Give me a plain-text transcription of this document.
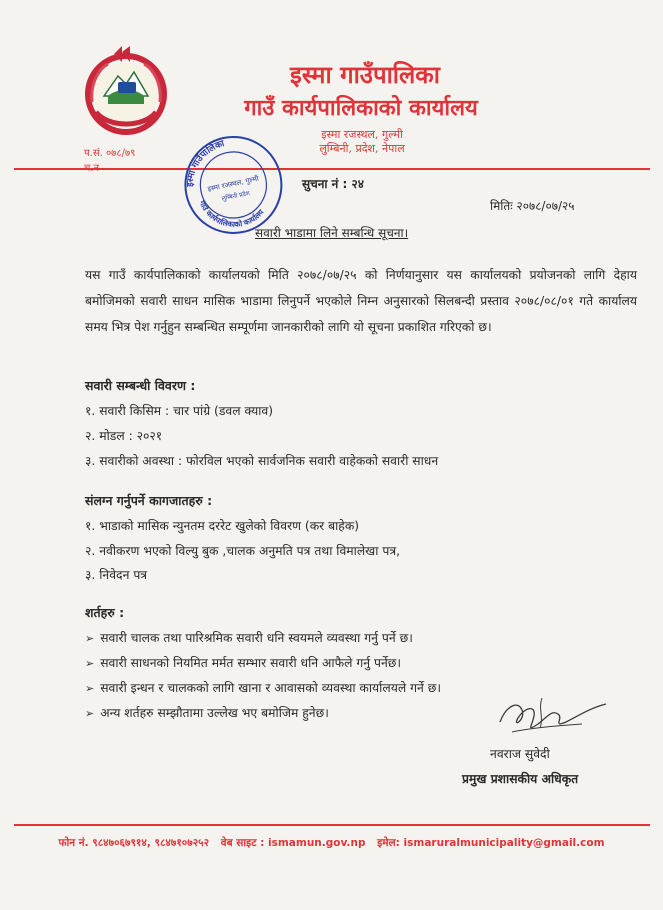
इस्मा गाउँपालिका
गाउँ कार्यपालिकाको कार्यालय
इस्मा रजस्थल, गुल्मी
लुम्बिनी, प्रदेश, नेपाल
प.सं. ०७८/७९
इस्मा गाउँपालिका
गाउँ कार्यपालिकाको कार्यालय
इस्मा रजस्थल, गुल्मी
लुम्बिनी प्रदेश
सुचना नं : २४
मितिः २०७८/०७/२५
सवारी भाडामा लिने सम्बन्धि सूचना।
यस गाउँ कार्यपालिकाको कार्यालयको मिति २०७८/०७/२५ को निर्णयानुसार यस कार्यालयको प्रयोजनको लागि देहाय बमोजिमको सवारी साधन मासिक भाडामा लिनुपर्ने भएकोले निम्न अनुसारको सिलबन्दी प्रस्ताव २०७८/०८/०१ गते कार्यालय समय भित्र पेश गर्नुहुन सम्बन्धित सम्पूर्णमा जानकारीको लागि यो सूचना प्रकाशित गरिएको छ।
सवारी सम्बन्धी विवरण :
१. सवारी किसिम : चार पांग्रे (डवल क्याव)
२. मोडल : २०२१
३. सवारीको अवस्था : फोरविल भएको सार्वजनिक सवारी वाहेकको सवारी साधन
संलग्न गर्नुपर्ने कागजातहरु :
१. भाडाको मासिक न्युनतम दररेट खुलेको विवरण (कर बाहेक)
२. नवीकरण भएको विल्यु बुक ,चालक अनुमति पत्र तथा विमालेखा पत्र,
३. निवेदन पत्र
शर्तहरु :
➢ सवारी चालक तथा पारिश्रमिक सवारी धनि स्वयमले व्यवस्था गर्नु पर्ने छ।
➢ सवारी साधनको नियमित मर्मत सम्भार सवारी धनि आफैले गर्नु पर्नेछ।
➢ सवारी इन्धन र चालकको लागि खाना र आवासको व्यवस्था कार्यालयले गर्ने छ।
➢ अन्य शर्तहरु सम्झौतामा उल्लेख भए बमोजिम हुनेछ।
नवराज सुवेदी
प्रमुख प्रशासकीय अधिकृत
फोन नं. ९८४७०६७९१४, ९८४७१०७२५२ वेब साइट : ismamun.gov.np इमेल: ismaruralmunicipality@gmail.com
